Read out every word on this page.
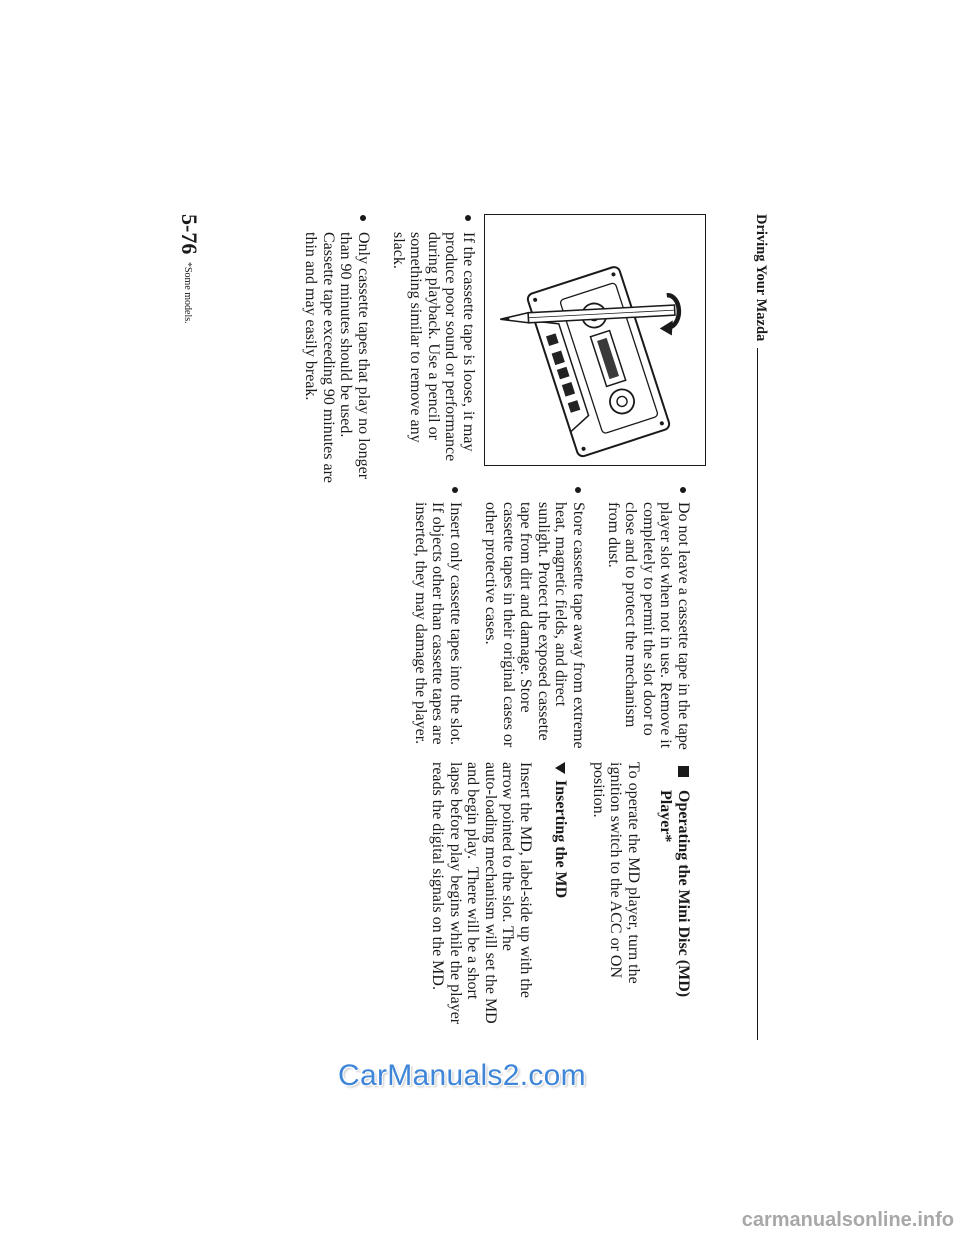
Driving Your Mazda
If the cassette tape is loose, it may
produce poor sound or performance
during playback. Use a pencil or
something similar to remove any
slack.
Only cassette tapes that play no longer
than 90 minutes should be used.
Cassette tape exceeding 90 minutes are
thin and may easily break.
Do not leave a cassette tape in the tape
player slot when not in use. Remove it
completely to permit the slot door to
close and to protect the mechanism
from dust.
Store cassette tape away from extreme
heat, magnetic fields, and direct
sunlight. Protect the exposed cassette
tape from dirt and damage. Store
cassette tapes in their original cases or
other protective cases.
Insert only cassette tapes into the slot.
If objects other than cassette tapes are
inserted, they may damage the player.
Operating the Mini Disc (MD)
Player*
To operate the MD player, turn the
ignition switch to the ACC or ON
position.
Inserting the MD
Insert the MD, label-side up with the
arrow pointed to the slot. The
auto-loading mechanism will set the MD
and begin play.  There will be a short
lapse before play begins while the player
reads the digital signals on the MD.
5-76
*Some models.
CarManuals2.com
carmanualsonline.info
